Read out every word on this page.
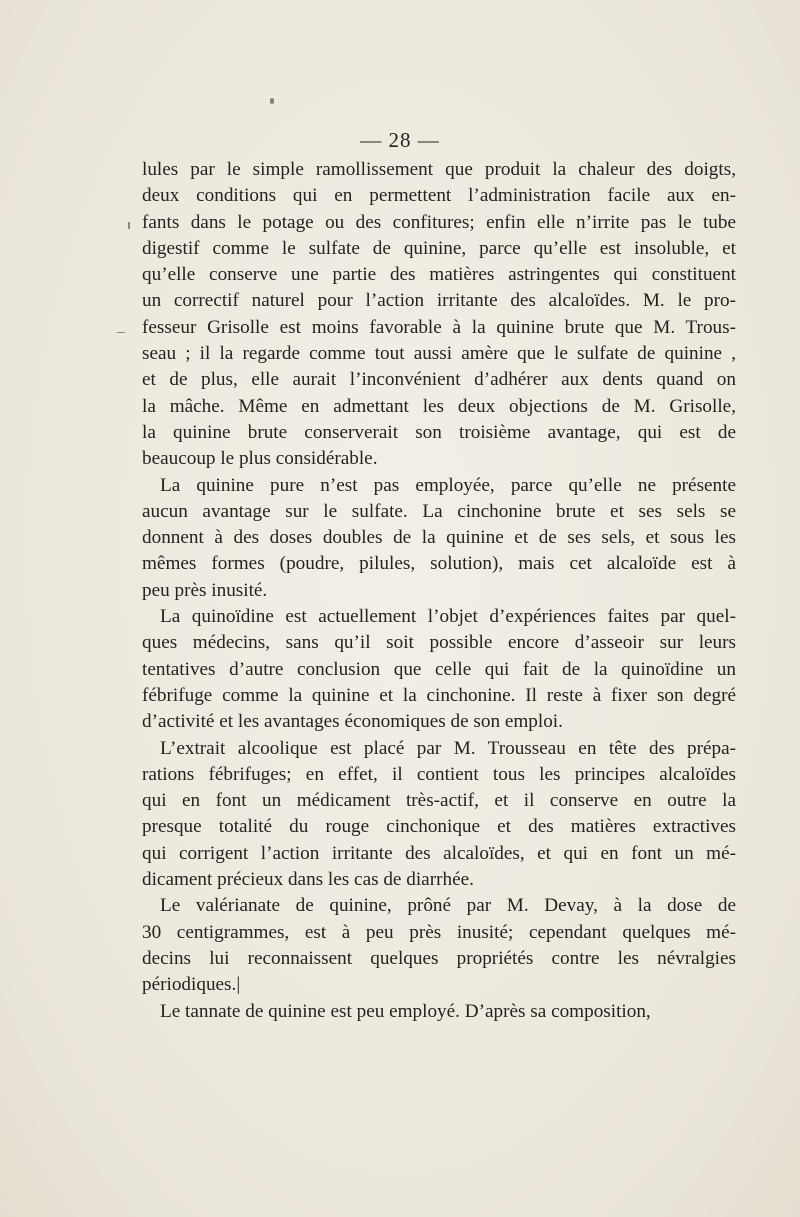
— 28 —
lules par le simple ramollissement que produit la chaleur des doigts,
deux conditions qui en permettent l’administration facile aux en-
fants dans le potage ou des confitures; enfin elle n’irrite pas le tube
digestif comme le sulfate de quinine, parce qu’elle est insoluble, et
qu’elle conserve une partie des matières astringentes qui constituent
un correctif naturel pour l’action irritante des alcaloïdes. M. le pro-
fesseur Grisolle est moins favorable à la quinine brute que M. Trous-
seau ; il la regarde comme tout aussi amère que le sulfate de quinine ,
et de plus, elle aurait l’inconvénient d’adhérer aux dents quand on
la mâche. Même en admettant les deux objections de M. Grisolle,
la quinine brute conserverait son troisième avantage, qui est de
beaucoup le plus considérable.
La quinine pure n’est pas employée, parce qu’elle ne présente
aucun avantage sur le sulfate. La cinchonine brute et ses sels se
donnent à des doses doubles de la quinine et de ses sels, et sous les
mêmes formes (poudre, pilules, solution), mais cet alcaloïde est à
peu près inusité.
La quinoïdine est actuellement l’objet d’expériences faites par quel-
ques médecins, sans qu’il soit possible encore d’asseoir sur leurs
tentatives d’autre conclusion que celle qui fait de la quinoïdine un
fébrifuge comme la quinine et la cinchonine. Il reste à fixer son degré
d’activité et les avantages économiques de son emploi.
L’extrait alcoolique est placé par M. Trousseau en tête des prépa-
rations fébrifuges; en effet, il contient tous les principes alcaloïdes
qui en font un médicament très-actif, et il conserve en outre la
presque totalité du rouge cinchonique et des matières extractives
qui corrigent l’action irritante des alcaloïdes, et qui en font un mé-
dicament précieux dans les cas de diarrhée.
Le valérianate de quinine, prôné par M. Devay, à la dose de
30 centigrammes, est à peu près inusité; cependant quelques mé-
decins lui reconnaissent quelques propriétés contre les névralgies
périodiques.|
Le tannate de quinine est peu employé. D’après sa composition,
